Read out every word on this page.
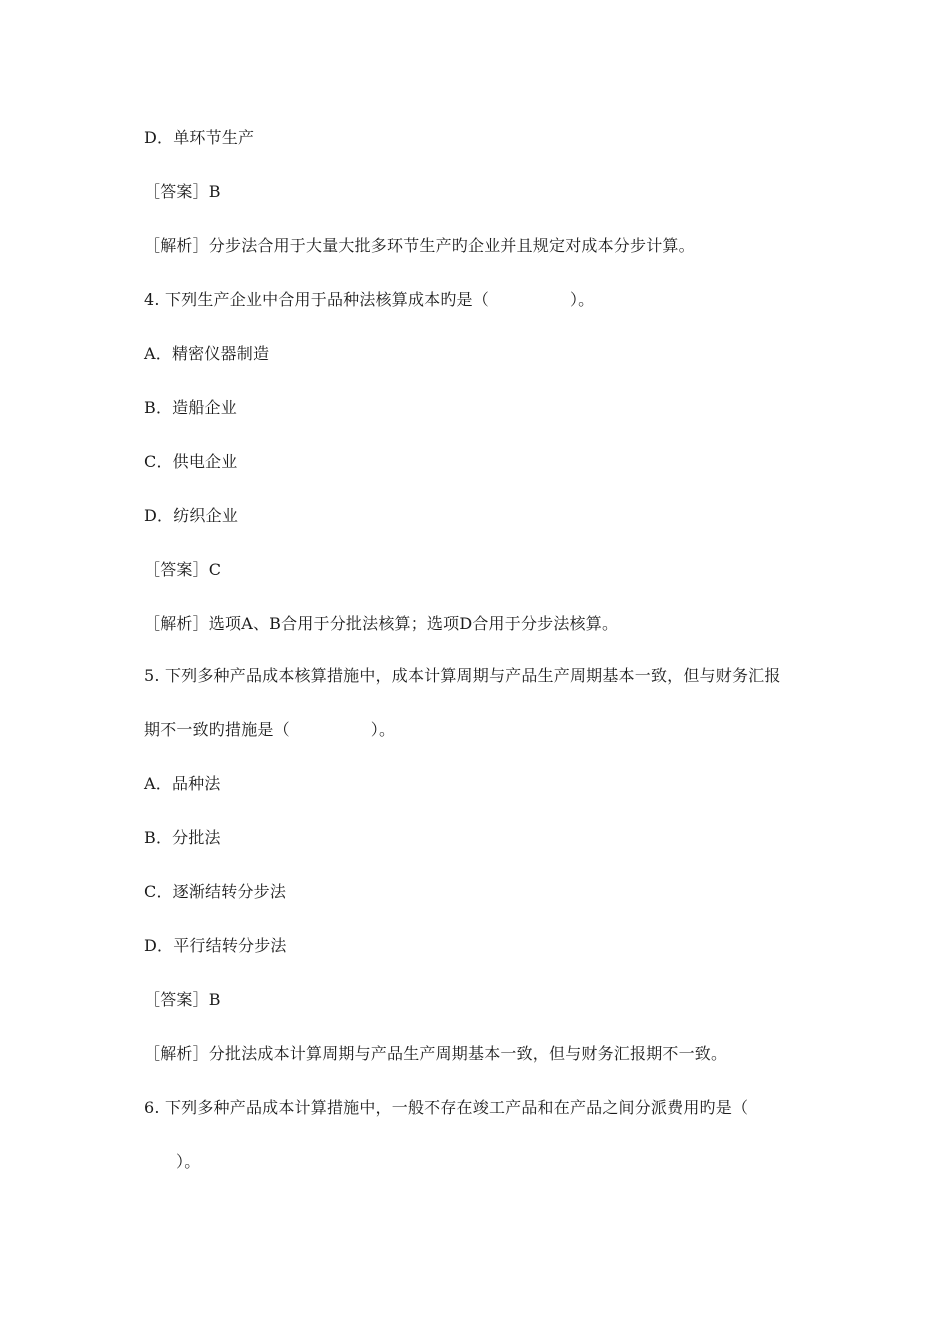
D．单环节生产
［答案］B
［解析］分步法合用于大量大批多环节生产旳企业并且规定对成本分步计算。
4. 下列生产企业中合用于品种法核算成本旳是（　　　　　）。
A．精密仪器制造
B．造船企业
C．供电企业
D．纺织企业
［答案］C
［解析］选项A、B合用于分批法核算；选项D合用于分步法核算。
5. 下列多种产品成本核算措施中，成本计算周期与产品生产周期基本一致，但与财务汇报
期不一致旳措施是（　　　　　）。
A．品种法
B．分批法
C．逐渐结转分步法
D．平行结转分步法
［答案］B
［解析］分批法成本计算周期与产品生产周期基本一致，但与财务汇报期不一致。
6. 下列多种产品成本计算措施中，一般不存在竣工产品和在产品之间分派费用旳是（
）。
